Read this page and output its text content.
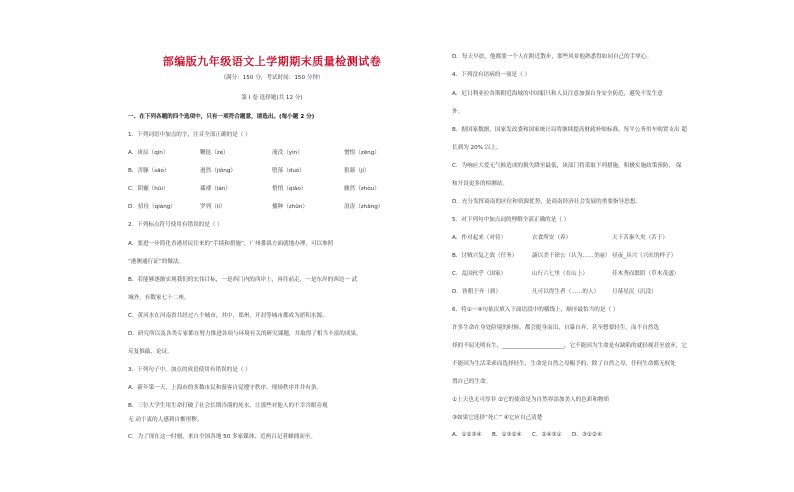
部编版九年级语文上学期期末质量检测试卷
（满分：150 分，考试时间：150 分钟）
第 I 卷 选择题(共 12 分)
一、在下列各题的四个选项中，只有一项符合题意，请选出。(每小题 2 分)
1．下列词语中加点的字，注音全部正确的是（ ）
A．庚辰（qín）	鞭挞（zé）	淹没（yìn）	憎恨（zēng）
B．害臊（sāo）	迥然（jiǒng）	堕落（duò）	狼藉（jí）
C．阴霾（hūi）	褴褛（lán）	悄悄（qiǎo）	骤然（zhòu）
D．招待（qiáng）	罗列（lí）	播种（zhǔn）	浪涛（zhāng）
2．下列标点符号使用有错误的是（ ）
A．要进一步简化香港居民往来的“手续和措施”，广州番禺方面就地办理，可以参照
“港澳通行证”的做法。
B．若能够逐渐实现我们的宏伟目标，一是西门内的西岸上，再往前走，一是东岸的西边一 武
城外，有数家七十二座。
C．黄河水在河南省共经过八个城市，其中，郑州，开封等城市都成为淤积水源。
D．研究所以及各类专家都在努力推进各项与环境有关的研究课题，并取得了相当丰富的成果，
反复推敲、论证。
3．下列句子中，加点的成语使用有错误的是（ ）
A．新年第一天，上海市的多数市民和游客自觉遵守秩序，现场秩序井井有条。
B．三位大学生用生命打破了社会长期冷漠的死水，让那些对他人的不幸冷眼旁观
无 动于衷的人感到自惭形秽。
C．为了现在这一时刻，来自全国各地 50 多家媒体、近两百记者蜂拥而至。
D．每天早晨，他都要一个人在附近散步，那些风景他熟悉得如同自己的手掌心。
4．下列没有语病的一项是（ ）
A．尼日利亚拉各斯附近海域的中国船只和人员注意加强自身安全防范，避免不发生意
外。
B．据国家数据，国家发改委和国家统计局将继续提高财政补贴标准，每平公务用车购置支出 超
长到为 20% 以上。
C．为响应大爱无气候造成的损失降至最低，该部门将采取下列措施，积极实施政策预防， 保
和开设更多的检测站。
D．充分发挥商南的区位和资源优势，是商南经济社会发展的重要指导思想。
5．对下列句中加点词的理解全部正确的是（ ）
A．作对起来（对待）	衣食所安（养）	天下苦秦久矣（苦于）
B．讨贼兴复之效（任务）	諵以美于徐公（认为……美丽） 昼夜_具兴（兴旺的样子）
C．乱国伙乎（国家）	山行六七里（在山上）	佳木秀而繁阴（草木茂盛）
D．皆朝于齐（到）	凡可以得生者（……的人）	月落星沉（沉没）
6．将①～④句依次填入下面语段中的横线上，顺序最恰当的是（ ）
许多生命在身处险境的时候，都会挺身而出，自暴自弃，甚至想要轻生。而不自然选
择的不屈光明有生，______________________，它不能因为生命是有缺陷的就轻视甚至放弃，它
不能因为生活采乖而选择轻生，生命是自然之母赐予的，除了自然之母，任何生命都无权处
置自己的生命。
①上天也无可厚非 ②它的使命是为自然界添加美人的色彩和物质
③如果它选择“死亡” ④它应自己清楚
A．①②③④	B．①③②④	C．②④③①	D．③①②④
